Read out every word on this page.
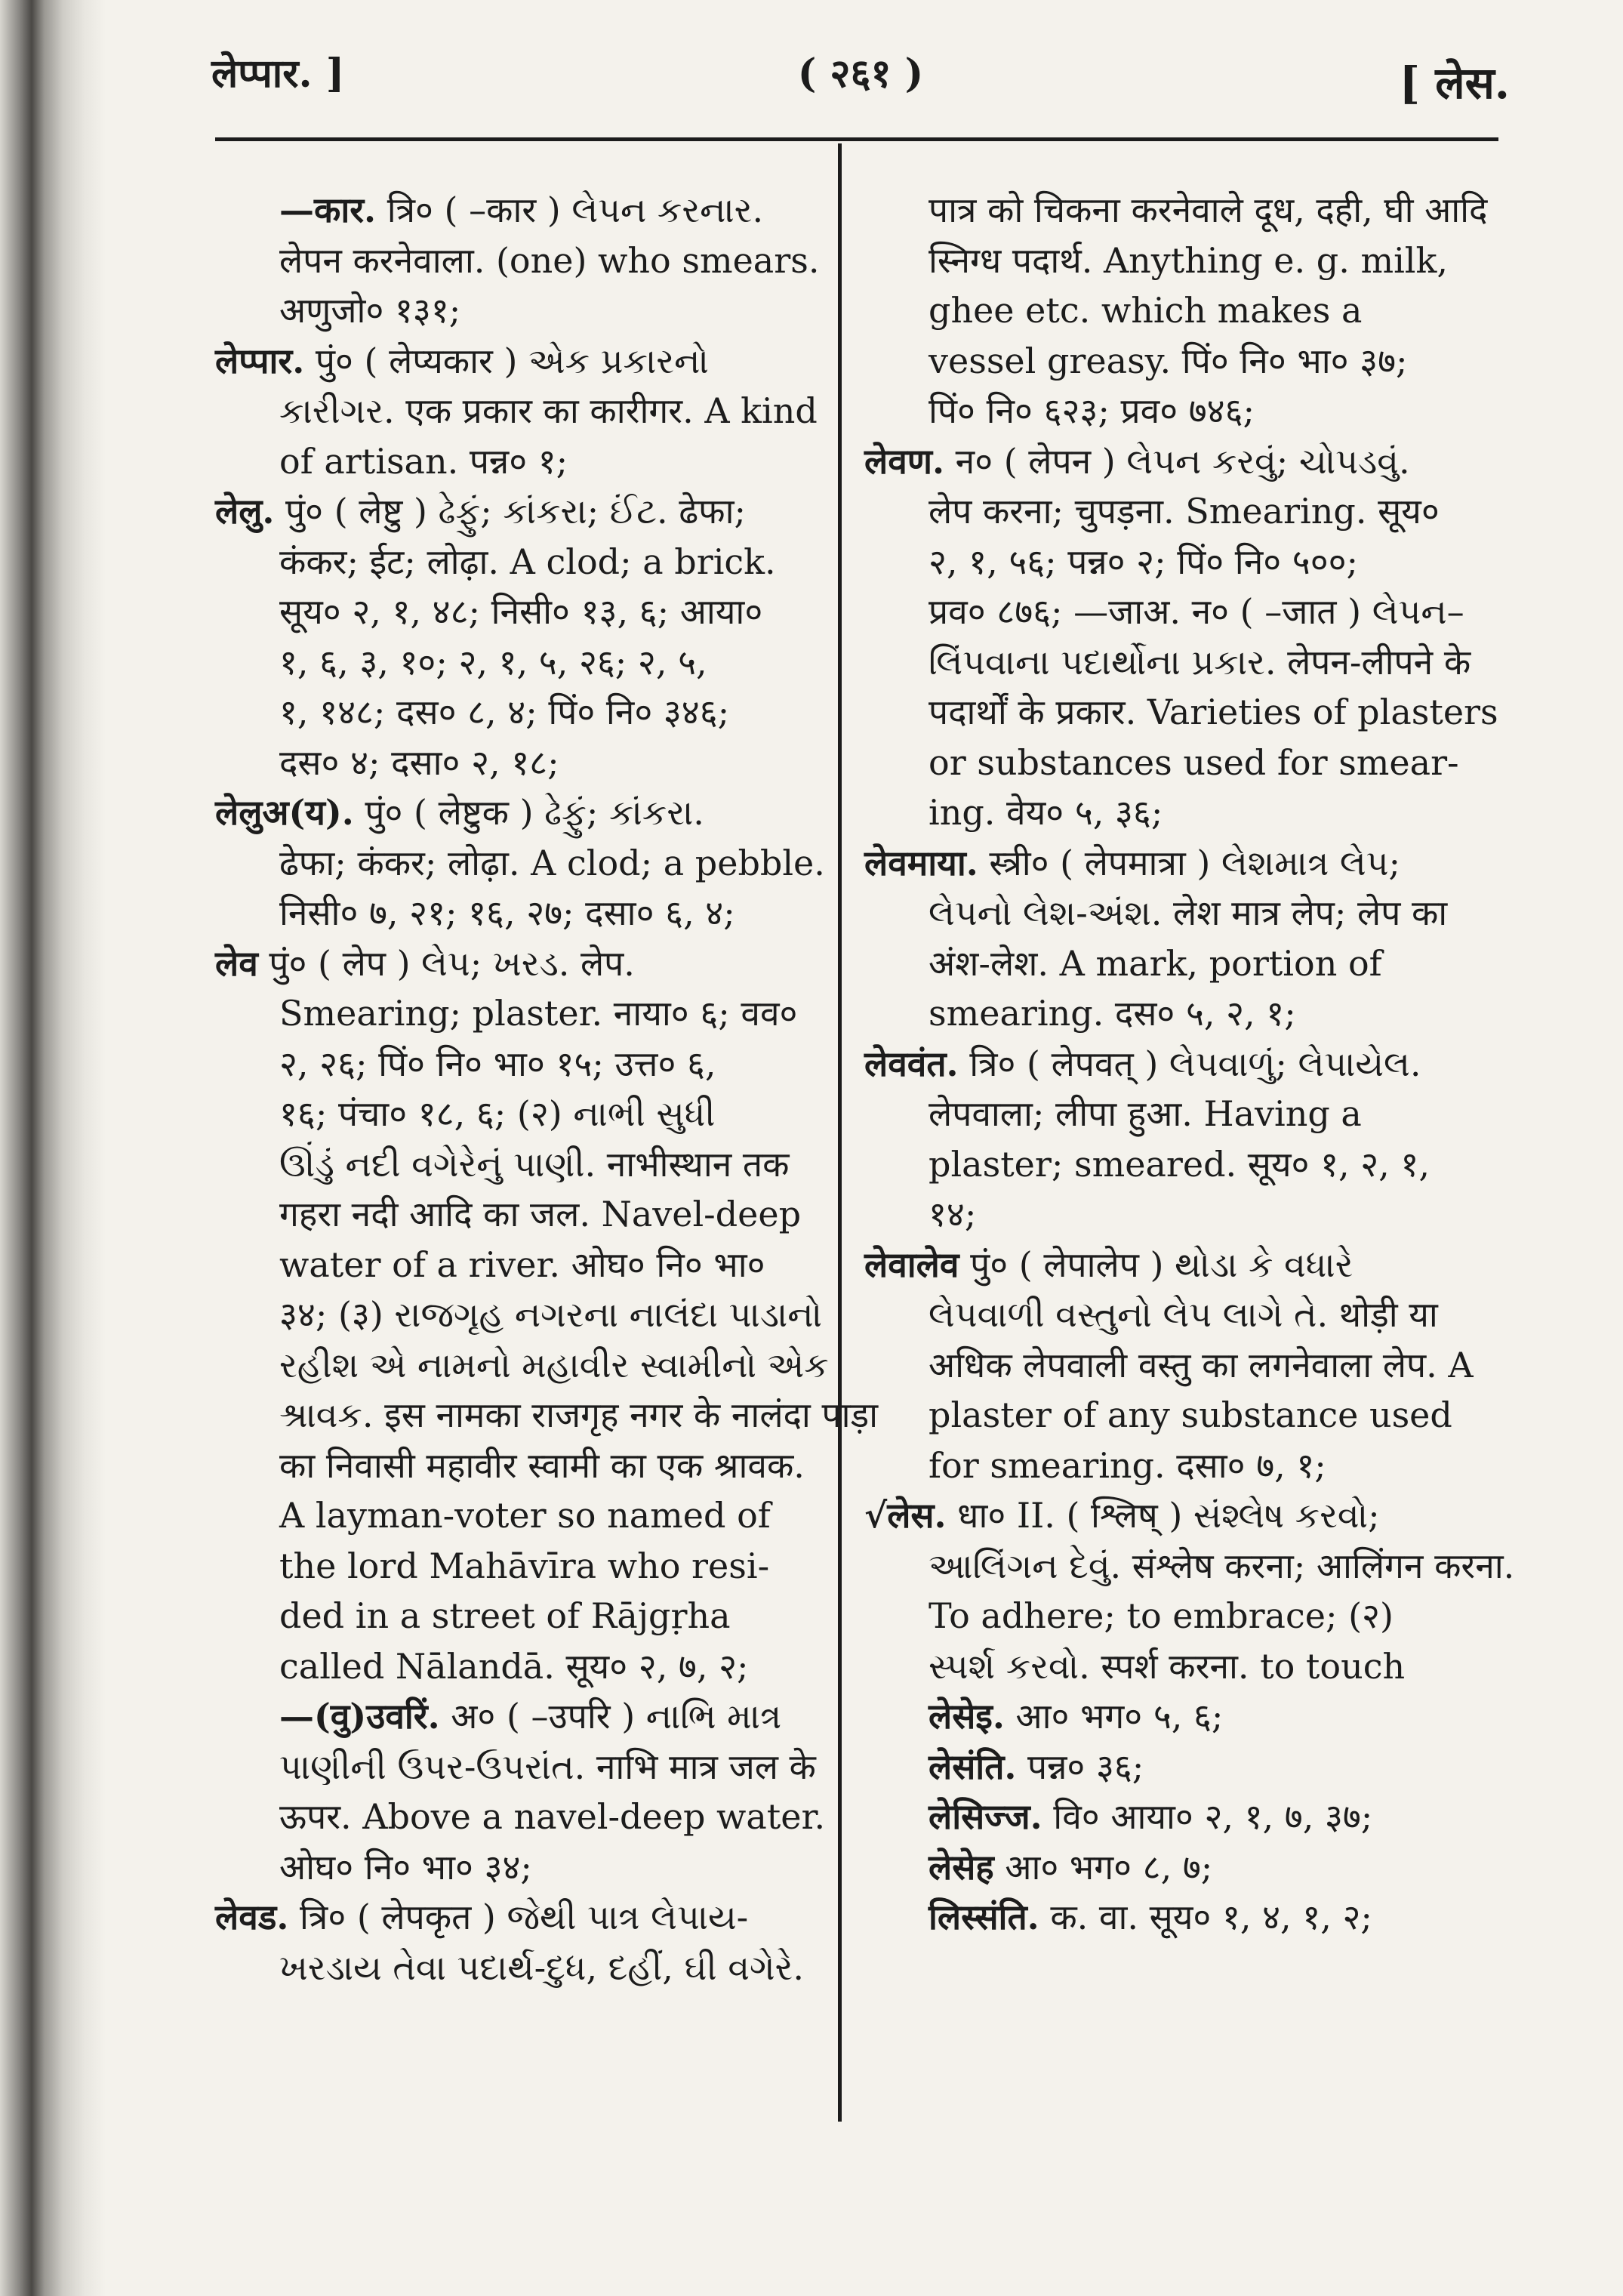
लेप्पार. ]	( २६१ )	[ लेस.
—कार. त्रि० ( –कार ) લેપન કરનાર.
लेपन करनेवाला. (one) who smears.
अणुजो० १३१;
लेप्पार. पुं० ( लेप्यकार ) એક પ્રકારનો
કારીગર. एक प्रकार का कारीगर. A kind
of artisan. पन्न० १;
लेलु. पुं० ( लेष्टु ) ઢેફું; કાંકરા; ઈંટ. ढेफा;
कंकर; ईट; लोढ़ा. A clod; a brick.
सूय० २, १, ४८; निसी० १३, ६; आया०
१, ६, ३, १०; २, १, ५, २६; २, ५,
१, १४८; दस० ८, ४; पिं० नि० ३४६;
दस० ४; दसा० २, १८;
लेलुअ(य). पुं० ( लेष्टुक ) ઢેફું; કાંકરા.
ढेफा; कंकर; लोढ़ा. A clod; a pebble.
निसी० ७, २१; १६, २७; दसा० ६, ४;
लेव पुं० ( लेप ) લેપ; ખરડ. लेप.
Smearing; plaster. नाया० ६; वव०
२, २६; पिं० नि० भा० १५; उत्त० ६,
१६; पंचा० १८, ६; (२) નાભી સુધી
ઊંડું નદી વગેરેનું પાણી. नाभीस्थान तक
गहरा नदी आदि का जल. Navel-deep
water of a river. ओघ० नि० भा०
३४; (३) રાજગૃહ નગરના નાલંદા પાડાનો
રહીશ એ નામનો મહાવીર સ્વામીનો એક
શ્રાવક. इस नामका राजगृह नगर के नालंदा पाड़ा
का निवासी महावीर स्वामी का एक श्रावक.
A layman-voter so named of
the lord Mahāvīra who resi-
ded in a street of Rājgṛha
called Nālandā. सूय० २, ७, २;
—(वु)उवरिं. अ० ( –उपरि ) નાભિ માત્ર
પાણીની ઉપર-ઉપરાંત. नाभि मात्र जल के
ऊपर. Above a navel-deep water.
ओघ० नि० भा० ३४;
लेवड. त्रि० ( लेपकृत ) જેથી પાત્ર લેપાય-
ખરડાય તેવા પદાર્થ-દુધ, દહીં, ઘી વગેરે.
पात्र को चिकना करनेवाले दूध, दही, घी आदि
स्निग्ध पदार्थ. Anything e. g. milk,
ghee etc. which makes a
vessel greasy. पिं० नि० भा० ३७;
पिं० नि० ६२३; प्रव० ७४६;
लेवण. न० ( लेपन ) લેપન કરવું; ચોપડવું.
लेप करना; चुपड़ना. Smearing. सूय०
२, १, ५६; पन्न० २; पिं० नि० ५००;
प्रव० ८७६; —जाअ. न० ( –जात ) લેપન–
લિંપવાના પદાર્થોના પ્રકાર. लेपन-लीपने के
पदार्थों के प्रकार. Varieties of plasters
or substances used for smear-
ing. वेय० ५, ३६;
लेवमाया. स्त्री० ( लेपमात्रा ) લેશમાત્ર લેપ;
લેપનો લેશ-અંશ. लेश मात्र लेप; लेप का
अंश-लेश. A mark, portion of
smearing. दस० ५, २, १;
लेववंत. त्रि० ( लेपवत् ) લેપવાળું; લેપાયેલ.
लेपवाला; लीपा हुआ. Having a
plaster; smeared. सूय० १, २, १,
१४;
लेवालेव पुं० ( लेपालेप ) થોડા કે વધારે
લેપવાળી વસ્તુનો લેપ લાગે તે. थोड़ी या
अधिक लेपवाली वस्तु का लगनेवाला लेप. A
plaster of any substance used
for smearing. दसा० ७, १;
√लेस. धा० II. ( श्लिष् ) સંશ્લેષ કરવો;
આલિંગન દેવું. संश्लेष करना; आलिंगन करना.
To adhere; to embrace; (२)
સ્પર્શ કરવો. स्पर्श करना. to touch
लेसेइ. आ० भग० ५, ६;
लेसंति. पन्न० ३६;
लेसिज्ज. वि० आया० २, १, ७, ३७;
लेसेह आ० भग० ८, ७;
लिस्संति. क. वा. सूय० १, ४, १, २;
